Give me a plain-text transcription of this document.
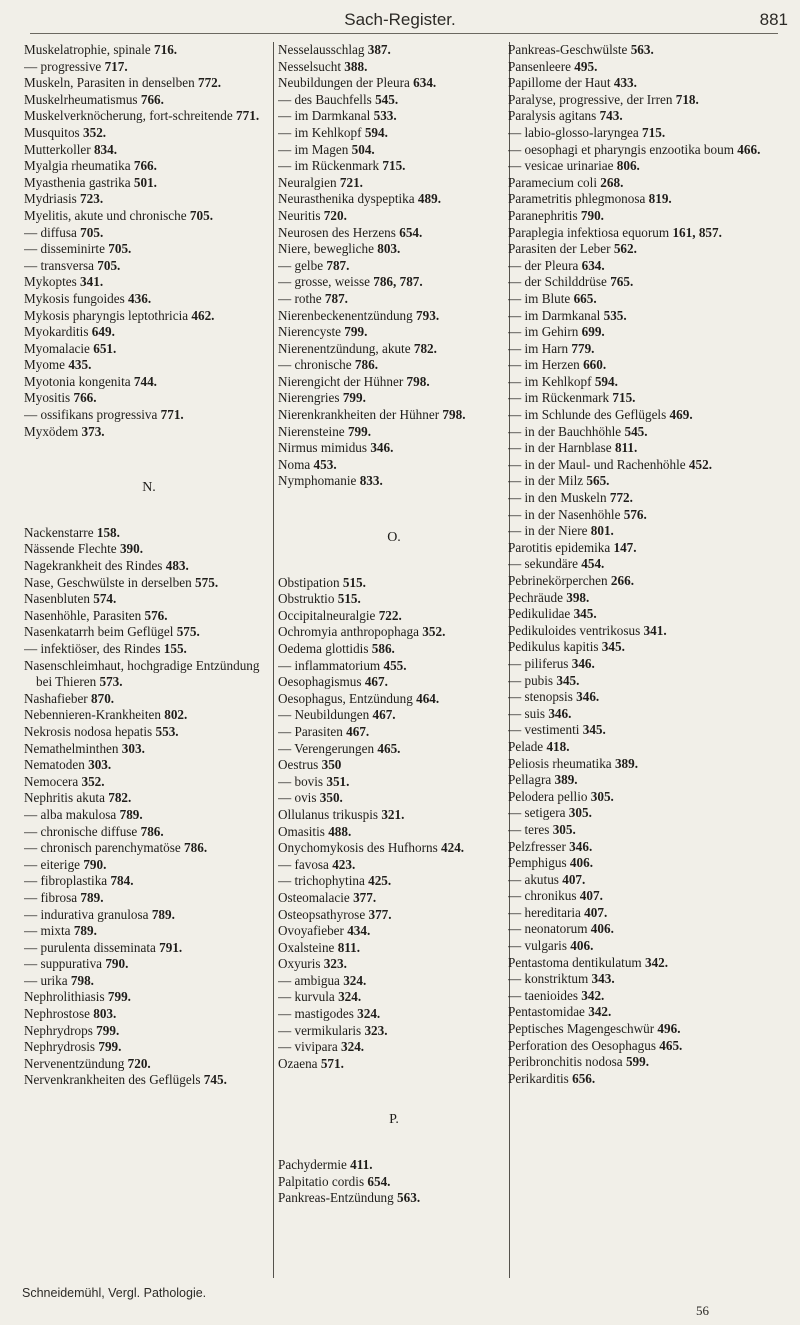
Sach-Register.	881

Muskelatrophie, spinale 716.

— progressive 717.

Muskeln, Parasiten in denselben 772.

Muskelrheumatismus 766.

Muskelverknöcherung, fort-schreitende 771.

Musquitos 352.

Mutterkoller 834.

Myalgia rheumatika 766.

Myasthenia gastrika 501.

Mydriasis 723.

Myelitis, akute und chronische 705.

— diffusa 705.

— disseminirte 705.

— transversa 705.

Mykoptes 341.

Mykosis fungoides 436.

Mykosis pharyngis leptothricia 462.

Myokarditis 649.

Myomalacie 651.

Myome 435.

Myotonia kongenita 744.

Myositis 766.

— ossifikans progressiva 771.

Myxödem 373.

N.

Nackenstarre 158.

Nässende Flechte 390.

Nagekrankheit des Rindes 483.

Nase, Geschwülste in derselben 575.

Nasenbluten 574.

Nasenhöhle, Parasiten 576.

Nasenkatarrh beim Geflügel 575.

— infektiöser, des Rindes 155.

Nasenschleimhaut, hochgradige Entzündung bei Thieren 573.

Nashafieber 870.

Nebennieren-Krankheiten 802.

Nekrosis nodosa hepatis 553.

Nemathelminthen 303.

Nematoden 303.

Nemocera 352.

Nephritis akuta 782.

— alba makulosa 789.

— chronische diffuse 786.

— chronisch parenchymatöse 786.

— eiterige 790.

— fibroplastika 784.

— fibrosa 789.

— indurativa granulosa 789.

— mixta 789.

— purulenta disseminata 791.

— suppurativa 790.

— urika 798.

Nephrolithiasis 799.

Nephrostose 803.

Nephrydrops 799.

Nephrydrosis 799.

Nervenentzündung 720.

Nervenkrankheiten des Geflügels 745.

Nesselausschlag 387.

Nesselsucht 388.

Neubildungen der Pleura 634.

— des Bauchfells 545.

— im Darmkanal 533.

— im Kehlkopf 594.

— im Magen 504.

— im Rückenmark 715.

Neuralgien 721.

Neurasthenika dyspeptika 489.

Neuritis 720.

Neurosen des Herzens 654.

Niere, bewegliche 803.

— gelbe 787.

— grosse, weisse 786, 787.

— rothe 787.

Nierenbeckenentzündung 793.

Nierencyste 799.

Nierenentzündung, akute 782.

— chronische 786.

Nierengicht der Hühner 798.

Nierengries 799.

Nierenkrankheiten der Hühner 798.

Nierensteine 799.

Nirmus mimidus 346.

Noma 453.

Nymphomanie 833.

O.

Obstipation 515.

Obstruktio 515.

Occipitalneuralgie 722.

Ochromyia anthropophaga 352.

Oedema glottidis 586.

— inflammatorium 455.

Oesophagismus 467.

Oesophagus, Entzündung 464.

— Neubildungen 467.

— Parasiten 467.

— Verengerungen 465.

Oestrus 350

— bovis 351.

— ovis 350.

Ollulanus trikuspis 321.

Omasitis 488.

Onychomykosis des Hufhorns 424.

— favosa 423.

— trichophytina 425.

Osteomalacie 377.

Osteopsathyrose 377.

Ovoyafieber 434.

Oxalsteine 811.

Oxyuris 323.

— ambigua 324.

— kurvula 324.

— mastigodes 324.

— vermikularis 323.

— vivipara 324.

Ozaena 571.

P.

Pachydermie 411.

Palpitatio cordis 654.

Pankreas-Entzündung 563.

Pankreas-Geschwülste 563.

Pansenleere 495.

Papillome der Haut 433.

Paralyse, progressive, der Irren 718.

Paralysis agitans 743.

— labio-glosso-laryngea 715.

— oesophagi et pharyngis enzootika boum 466.

— vesicae urinariae 806.

Paramecium coli 268.

Parametritis phlegmonosa 819.

Paranephritis 790.

Paraplegia infektiosa equorum 161, 857.

Parasiten der Leber 562.

— der Pleura 634.

— der Schilddrüse 765.

— im Blute 665.

— im Darmkanal 535.

— im Gehirn 699.

— im Harn 779.

— im Herzen 660.

— im Kehlkopf 594.

— im Rückenmark 715.

— im Schlunde des Geflügels 469.

— in der Bauchhöhle 545.

— in der Harnblase 811.

— in der Maul- und Rachenhöhle 452.

— in der Milz 565.

— in den Muskeln 772.

— in der Nasenhöhle 576.

— in der Niere 801.

Parotitis epidemika 147.

— sekundäre 454.

Pebrinekörperchen 266.

Pechräude 398.

Pedikulidae 345.

Pedikuloides ventrikosus 341.

Pedikulus kapitis 345.

— piliferus 346.

— pubis 345.

— stenopsis 346.

— suis 346.

— vestimenti 345.

Pelade 418.

Peliosis rheumatika 389.

Pellagra 389.

Pelodera pellio 305.

— setigera 305.

— teres 305.

Pelzfresser 346.

Pemphigus 406.

— akutus 407.

— chronikus 407.

— hereditaria 407.

— neonatorum 406.

— vulgaris 406.

Pentastoma dentikulatum 342.

— konstriktum 343.

— taenioides 342.

Pentastomidae 342.

Peptisches Magengeschwür 496.

Perforation des Oesophagus 465.

Peribronchitis nodosa 599.

Perikarditis 656.

Schneidemühl, Vergl. Pathologie.
56
